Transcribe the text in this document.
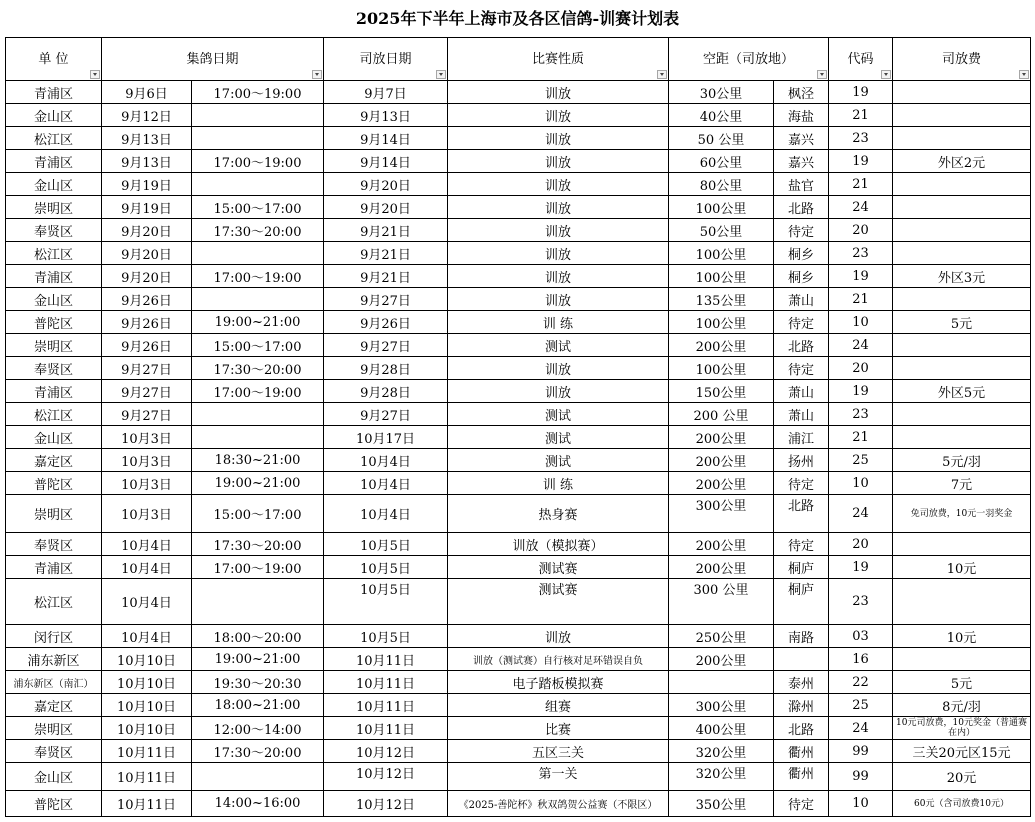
2025年下半年上海市及各区信鸽-训赛计划表
单 位	集鸽日期		司放日期	比赛性质	空距（司放地）		代码	司放费

青浦区	9月6日	17:00～19:00	9月7日	训放	30公里	枫泾	19	
金山区	9月12日		9月13日	训放	40公里	海盐	21	
松江区	9月13日		9月14日	训放	50 公里	嘉兴	23	
青浦区	9月13日	17:00～19:00	9月14日	训放	60公里	嘉兴	19	外区2元
金山区	9月19日		9月20日	训放	80公里	盐官	21	
崇明区	9月19日	15:00～17:00	9月20日	训放	100公里	北路	24	
奉贤区	9月20日	17:30～20:00	9月21日	训放	50公里	待定	20	
松江区	9月20日		9月21日	训放	100公里	桐乡	23	
青浦区	9月20日	17:00～19:00	9月21日	训放	100公里	桐乡	19	外区3元
金山区	9月26日		9月27日	训放	135公里	萧山	21	
普陀区	9月26日	19:00~21:00	9月26日	训 练	100公里	待定	10	5元
崇明区	9月26日	15:00～17:00	9月27日	测试	200公里	北路	24	
奉贤区	9月27日	17:30～20:00	9月28日	训放	100公里	待定	20	
青浦区	9月27日	17:00～19:00	9月28日	训放	150公里	萧山	19	外区5元
松江区	9月27日		9月27日	测试	200 公里	萧山	23	
金山区	10月3日		10月17日	测试	200公里	浦江	21	
嘉定区	10月3日	18:30~21:00	10月4日	测试	200公里	扬州	25	5元/羽
普陀区	10月3日	19:00~21:00	10月4日	训 练	200公里	待定	10	7元
崇明区	10月3日	15:00～17:00	10月4日	热身赛	300公里	北路	24	免司放费，10元一羽奖金
奉贤区	10月4日	17:30～20:00	10月5日	训放（模拟赛）	200公里	待定	20	
青浦区	10月4日	17:00～19:00	10月5日	测试赛	200公里	桐庐	19	10元
松江区	10月4日		10月5日	测试赛	300 公里	桐庐	23	
闵行区	10月4日	18:00～20:00	10月5日	训放	250公里	南路	03	10元
浦东新区	10月10日	19:00~21:00	10月11日	训放（测试赛）自行核对足环错误自负	200公里		16	
浦东新区（南汇）	10月10日	19:30～20:30	10月11日	电子踏板模拟赛		泰州	22	5元
嘉定区	10月10日	18:00~21:00	10月11日	组赛	300公里	滁州	25	8元/羽
崇明区	10月10日	12:00～14:00	10月11日	比赛	400公里	北路	24	10元司放费，10元奖金（普通赛在内）
奉贤区	10月11日	17:30～20:00	10月12日	五区三关	320公里	衢州	99	三关20元区15元
金山区	10月11日		10月12日	第一关	320公里	衢州	99	20元
普陀区	10月11日	14:00~16:00	10月12日	《2025-善陀杯》秋双鸽贺公益赛（不限区）	350公里	待定	10	60元（含司放费10元）
